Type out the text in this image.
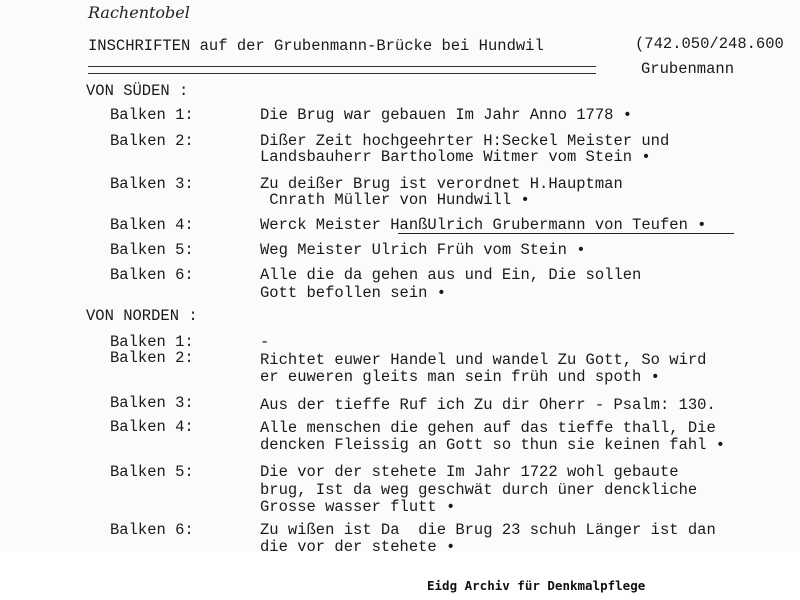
Rachentobel
INSCHRIFTEN auf der Grubenmann-Brücke bei Hundwil	(742.050/248.600
Grubenmann
VON SÜDEN :
Balken 1:	Die Brug war gebauen Im Jahr Anno 1778 •
Balken 2:	Dißer Zeit hochgeehrter H:Seckel Meister und
Landsbauherr Bartholome Witmer vom Stein •
Balken 3:	Zu deißer Brug ist verordnet H.Hauptman
Cnrath Müller von Hundwill •
Balken 4:	Werck Meister HanßUlrich Grubermann von Teufen •
Balken 5:	Weg Meister Ulrich Früh vom Stein •
Balken 6:	Alle die da gehen aus und Ein, Die sollen
Gott befollen sein •
VON NORDEN :
Balken 1:	-
Balken 2:	Richtet euwer Handel und wandel Zu Gott, So wird
er euweren gleits man sein früh und spoth •
Balken 3:	Aus der tieffe Ruf ich Zu dir Oherr - Psalm: 130.
Balken 4:	Alle menschen die gehen auf das tieffe thall, Die
dencken Fleissig an Gott so thun sie keinen fahl •
Balken 5:	Die vor der stehete Im Jahr 1722 wohl gebaute
brug, Ist da weg geschwät durch üner denckliche
Grosse wasser flutt •
Balken 6:	Zu wißen ist Da  die Brug 23 schuh Länger ist dan
die vor der stehete •
Eidg Archiv für Denkmalpflege
